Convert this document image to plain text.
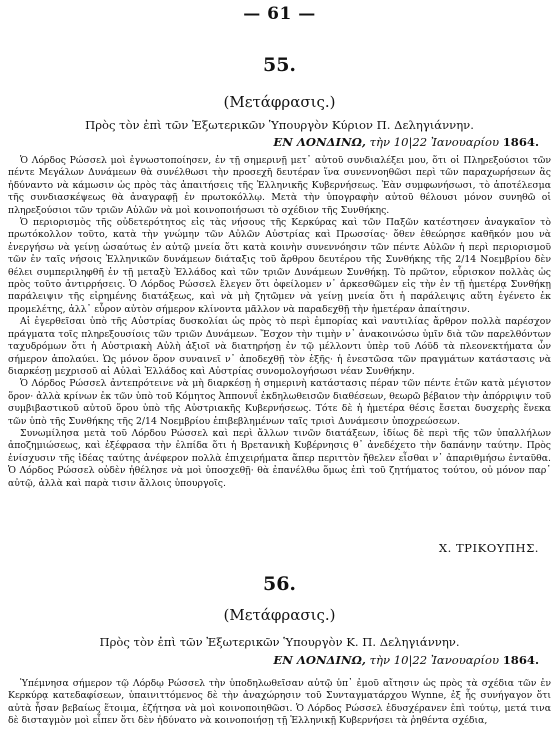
— 61 —
55.
(Μετάφρασις.)
Πρὸς τὸν ἐπὶ τῶν Ἐξωτερικῶν Ὑπουργὸν Κύριον Π. Δεληγιάννην.
ΕΝ ΛΟΝΔΙΝΩ, τὴν 10|22 Ἰανουαρίου 1864.

Ὁ Λόρδος Ρώσσελ μοὶ ἐγνωστοποίησεν, ἐν τῇ σημερινῇ μετ᾽ αὐτοῦ συνδιαλέξει μου, ὅτι οἱ Πληρεξούσιοι τῶν πέντε Μεγάλων Δυνάμεων θὰ συνέλθωσι τὴν προσεχῆ δευτέραν ἵνα συνεννοηθῶσι περὶ τῶν παραχωρήσεων ἃς ἠδύναντο νὰ κάμωσιν ὡς πρὸς τὰς ἀπαιτήσεις τῆς Ἑλληνικῆς Κυβερνήσεως. Ἐὰν συμφωνήσωσι, τὸ ἀποτέλεσμα τῆς συνδιασκέψεως θὰ ἀναγραφῇ ἐν πρωτοκόλλῳ. Μετὰ τὴν ὑπογραφὴν αὐτοῦ θέλουσι μόνον συνηθῶ οἱ πληρεξούσιοι τῶν τριῶν Αὐλῶν νὰ μοὶ κοινοποιήσωσι τὸ σχέδιον τῆς Συνθήκης.

Ὁ περιορισμὸς τῆς οὐδετερότητος εἰς τὰς νήσους τῆς Κερκύρας καὶ τῶν Παξῶν κατέστησεν ἀναγκαῖον τὸ πρωτόκολλον τοῦτο, κατὰ τὴν γνώμην τῶν Αὐλῶν Αὐστρίας καὶ Πρωσσίας· ὅθεν ἐθεώρησε καθῆκόν μου νὰ ἐνεργήσω νὰ γείνῃ ὡσαύτως ἐν αὐτῷ μνεία ὅτι κατὰ κοινὴν συνεννόησιν τῶν πέντε Αὐλῶν ἡ περὶ περιορισμοῦ τῶν ἐν ταῖς νήσοις Ἑλληνικῶν δυνάμεων διάταξις τοῦ ἄρθρου δευτέρου τῆς Συνθήκης τῆς 2/14 Νοεμβρίου δὲν θέλει συμπεριληφθῆ ἐν τῇ μεταξὺ Ἑλλάδος καὶ τῶν τριῶν Δυνάμεων Συνθήκῃ. Τὸ πρῶτον, εὗρισκον πολλὰς ὡς πρὸς τοῦτο ἀντιρρήσεις. Ὁ Λόρδος Ρώσσελ ἔλεγεν ὅτι ὀφείλομεν ν᾽ ἀρκεσθῶμεν εἰς τὴν ἐν τῇ ἡμετέρᾳ Συνθήκῃ παράλειψιν τῆς εἰρημένης διατάξεως, καὶ νὰ μὴ ζητῶμεν νὰ γείνῃ μνεία ὅτι ἡ παράλειψις αὕτη ἐγένετο ἐκ προμελέτης, ἀλλ᾽ εὗρον αὐτὸν σήμερον κλίνοντα μᾶλλον νὰ παραδεχθῇ τὴν ἡμετέραν ἀπαίτησιν.

Αἱ ἐγερθεῖσαι ὑπὸ τῆς Αὐστρίας δυσκολίαι ὡς πρὸς τὸ περὶ ἐμπορίας καὶ ναυτιλίας ἄρθρον πολλὰ παρέσχον πράγματα τοῖς πληρεξουσίοις τῶν τριῶν Δυνάμεων. Ἔσχον τὴν τιμὴν ν᾽ ἀνακοινώσω ὑμῖν διὰ τῶν παρελθόντων ταχυδρόμων ὅτι ἡ Αὐστριακὴ Αὐλὴ ἀξιοῖ νὰ διατηρήσῃ ἐν τῷ μέλλοντι ὑπὲρ τοῦ Λόϋδ τὰ πλεονεκτήματα ὧν σήμερον ἀπολαύει. Ὡς μόνον ὅρον συναινεῖ ν᾽ ἀποδεχθῇ τὸν ἑξῆς· ἡ ἐνεστῶσα τῶν πραγμάτων κατάστασις νὰ διαρκέσῃ μεχρισοῦ αἱ Αὐλαὶ Ἑλλάδος καὶ Αὐστρίας συνομολογήσωσι νέαν Συνθήκην.

Ὁ Λόρδος Ρώσσελ ἀντεπρότεινε νὰ μὴ διαρκέσῃ ἡ σημερινὴ κατάστασις πέραν τῶν πέντε ἐτῶν κατὰ μέγιστον ὅρον· ἀλλὰ κρίνων ἐκ τῶν ὑπὸ τοῦ Κόμητος Ἀππονυΐ ἐκδηλωθεισῶν διαθέσεων, θεωρῶ βέβαιον τὴν ἀπόρριψιν τοῦ συμβιβαστικοῦ αὐτοῦ ὅρου ὑπὸ τῆς Αὐστριακῆς Κυβερνήσεως. Τότε δὲ ἡ ἡμετέρα θέσις ἔσεται δυσχερὴς ἕνεκα τῶν ὑπὸ τῆς Συνθήκης τῆς 2/14 Νοεμβρίου ἐπιβεβλημένων ταῖς τρισὶ Δυνάμεσιν ὑποχρεώσεων.

Συνωμίλησα μετὰ τοῦ Λόρδου Ρώσσελ καὶ περὶ ἄλλων τινῶν διατάξεων, ἰδίως δὲ περὶ τῆς τῶν ὑπαλλήλων ἀποζημιώσεως, καὶ ἐξέφρασα τὴν ἐλπίδα ὅτι ἡ Βρετανικὴ Κυβέρνησις θ᾽ ἀνεδέχετο τὴν δαπάνην ταύτην. Πρὸς ἐνίσχυσιν τῆς ἰδέας ταύτης ἀνέφερον πολλὰ ἐπιχειρήματα ἅπερ περιττὸν ἤθελεν εἶσθαι ν᾽ ἀπαριθμήσω ἐνταῦθα. Ὁ Λόρδος Ρώσσελ οὐδὲν ἠθέλησε νὰ μοὶ ὑποσχεθῇ· θὰ ἐπανέλθω ὅμως ἐπὶ τοῦ ζητήματος τούτου, οὐ μόνον παρ᾽ αὐτῷ, ἀλλὰ καὶ παρὰ τισιν ἄλλοις ὑπουργοῖς.

Χ. ΤΡΙΚΟΥΠΗΣ.
56.
(Μετάφρασις.)
Πρὸς τὸν ἐπὶ τῶν Ἐξωτερικῶν Ὑπουργὸν Κ. Π. Δεληγιάννην.
ΕΝ ΛΟΝΔΙΝΩ, τὴν 10|22 Ἰανουαρίου 1864.

Ὑπέμνησα σήμερον τῷ Λόρδῳ Ρώσσελ τὴν ὑποδηλωθεῖσαν αὐτῷ ὑπ᾽ ἐμοῦ αἴτησιν ὡς πρὸς τὰ σχέδια τῶν ἐν Κερκύρᾳ κατεδαφίσεων, ὑπαινιττόμενος δὲ τὴν ἀναχώρησιν τοῦ Συνταγματάρχου Wynne, ἐξ ἧς συνήγαγον ὅτι αὐτὰ ἦσαν βεβαίως ἕτοιμα, ἐζήτησα νὰ μοὶ κοινοποιηθῶσι. Ὁ Λόρδος Ρώσσελ ἐδυσχέρανεν ἐπὶ τούτῳ, μετά τινα δὲ δισταγμὸν μοὶ εἶπεν ὅτι δὲν ἠδύνατο νὰ κοινοποιήσῃ τῇ Ἑλληνικῇ Κυβερνήσει τὰ ῥηθέντα σχέδια,
